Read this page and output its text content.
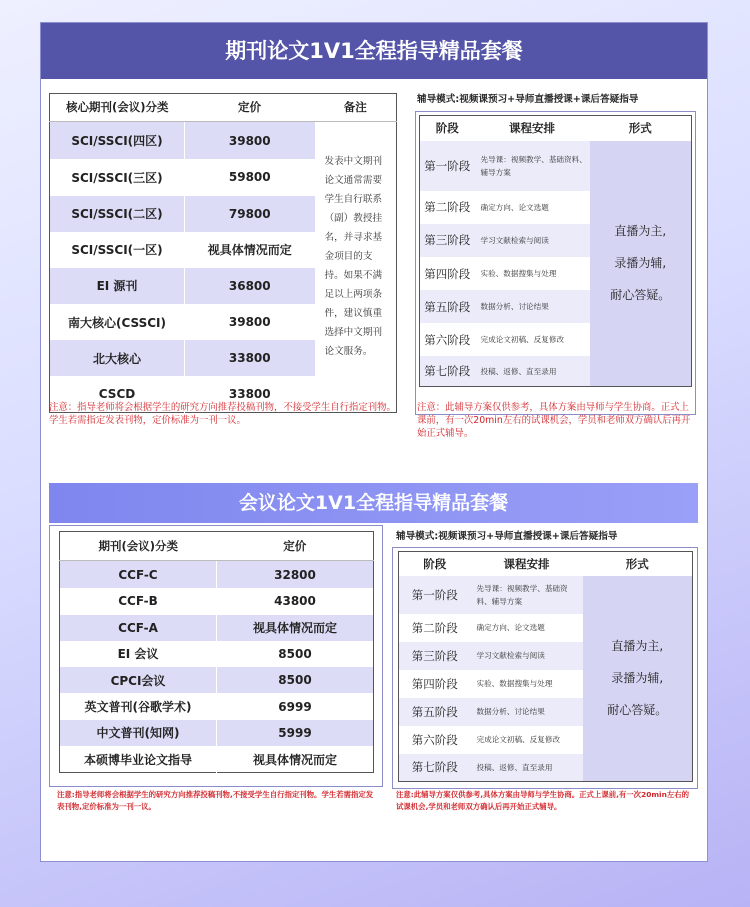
期刊论文1V1全程指导精品套餐
核心期刊(会议)分类	定价	备注
SCI/SSCI(四区)	39800	发表中文期刊论文通常需要学生自行联系（副）教授挂名，并寻求基金项目的支持。如果不满足以上两项条件，建议慎重选择中文期刊论文服务。

SCI/SSCI(三区)	59800	
SCI/SSCI(二区)	79800	
SCI/SSCI(一区)	视具体情况而定	
EI 源刊	36800	
南大核心(CSSCI)	39800	
北大核心	33800	
CSCD	33800	
注意：指导老师将会根据学生的研究方向推荐投稿刊物，不接受学生自行指定刊物。学生若需指定发表刊物，定价标准为一刊一议。
辅导模式:视频课预习+导师直播授课+课后答疑指导
阶段	课程安排	形式
第一阶段	先导课：视频教学、基础资料、辅导方案	直播为主,
录播为辅,
耐心答疑。

第二阶段	确定方向、论文选题	
第三阶段	学习文献检索与阅读	
第四阶段	实验、数据搜集与处理	
第五阶段	数据分析、讨论结果	
第六阶段	完成论文初稿、反复修改	
第七阶段	投稿、返修、直至录用	
注意：此辅导方案仅供参考，具体方案由导师与学生协商。正式上课前，有一次20min左右的试课机会，学员和老师双方确认后再开始正式辅导。
会议论文1V1全程指导精品套餐
期刊(会议)分类	定价
CCF-C	32800
CCF-B	43800
CCF-A	视具体情况而定
EI 会议	8500
CPCI会议	8500
英文普刊(谷歌学术)	6999
中文普刊(知网)	5999
本硕博毕业论文指导	视具体情况而定
注意:指导老师将会根据学生的研究方向推荐投稿刊物,不接受学生自行指定刊物。学生若需指定发表刊物,定价标准为一刊一议。
辅导模式:视频课预习+导师直播授课+课后答疑指导
阶段	课程安排	形式
第一阶段	先导课：视频教学、基础资料、辅导方案	直播为主,
录播为辅,
耐心答疑。

第二阶段	确定方向、论文选题	
第三阶段	学习文献检索与阅读	
第四阶段	实验、数据搜集与处理	
第五阶段	数据分析、讨论结果	
第六阶段	完成论文初稿、反复修改	
第七阶段	投稿、返修、直至录用	
注意:此辅导方案仅供参考,具体方案由导师与学生协商。正式上课前,有一次20min左右的试课机会,学员和老师双方确认后再开始正式辅导。
